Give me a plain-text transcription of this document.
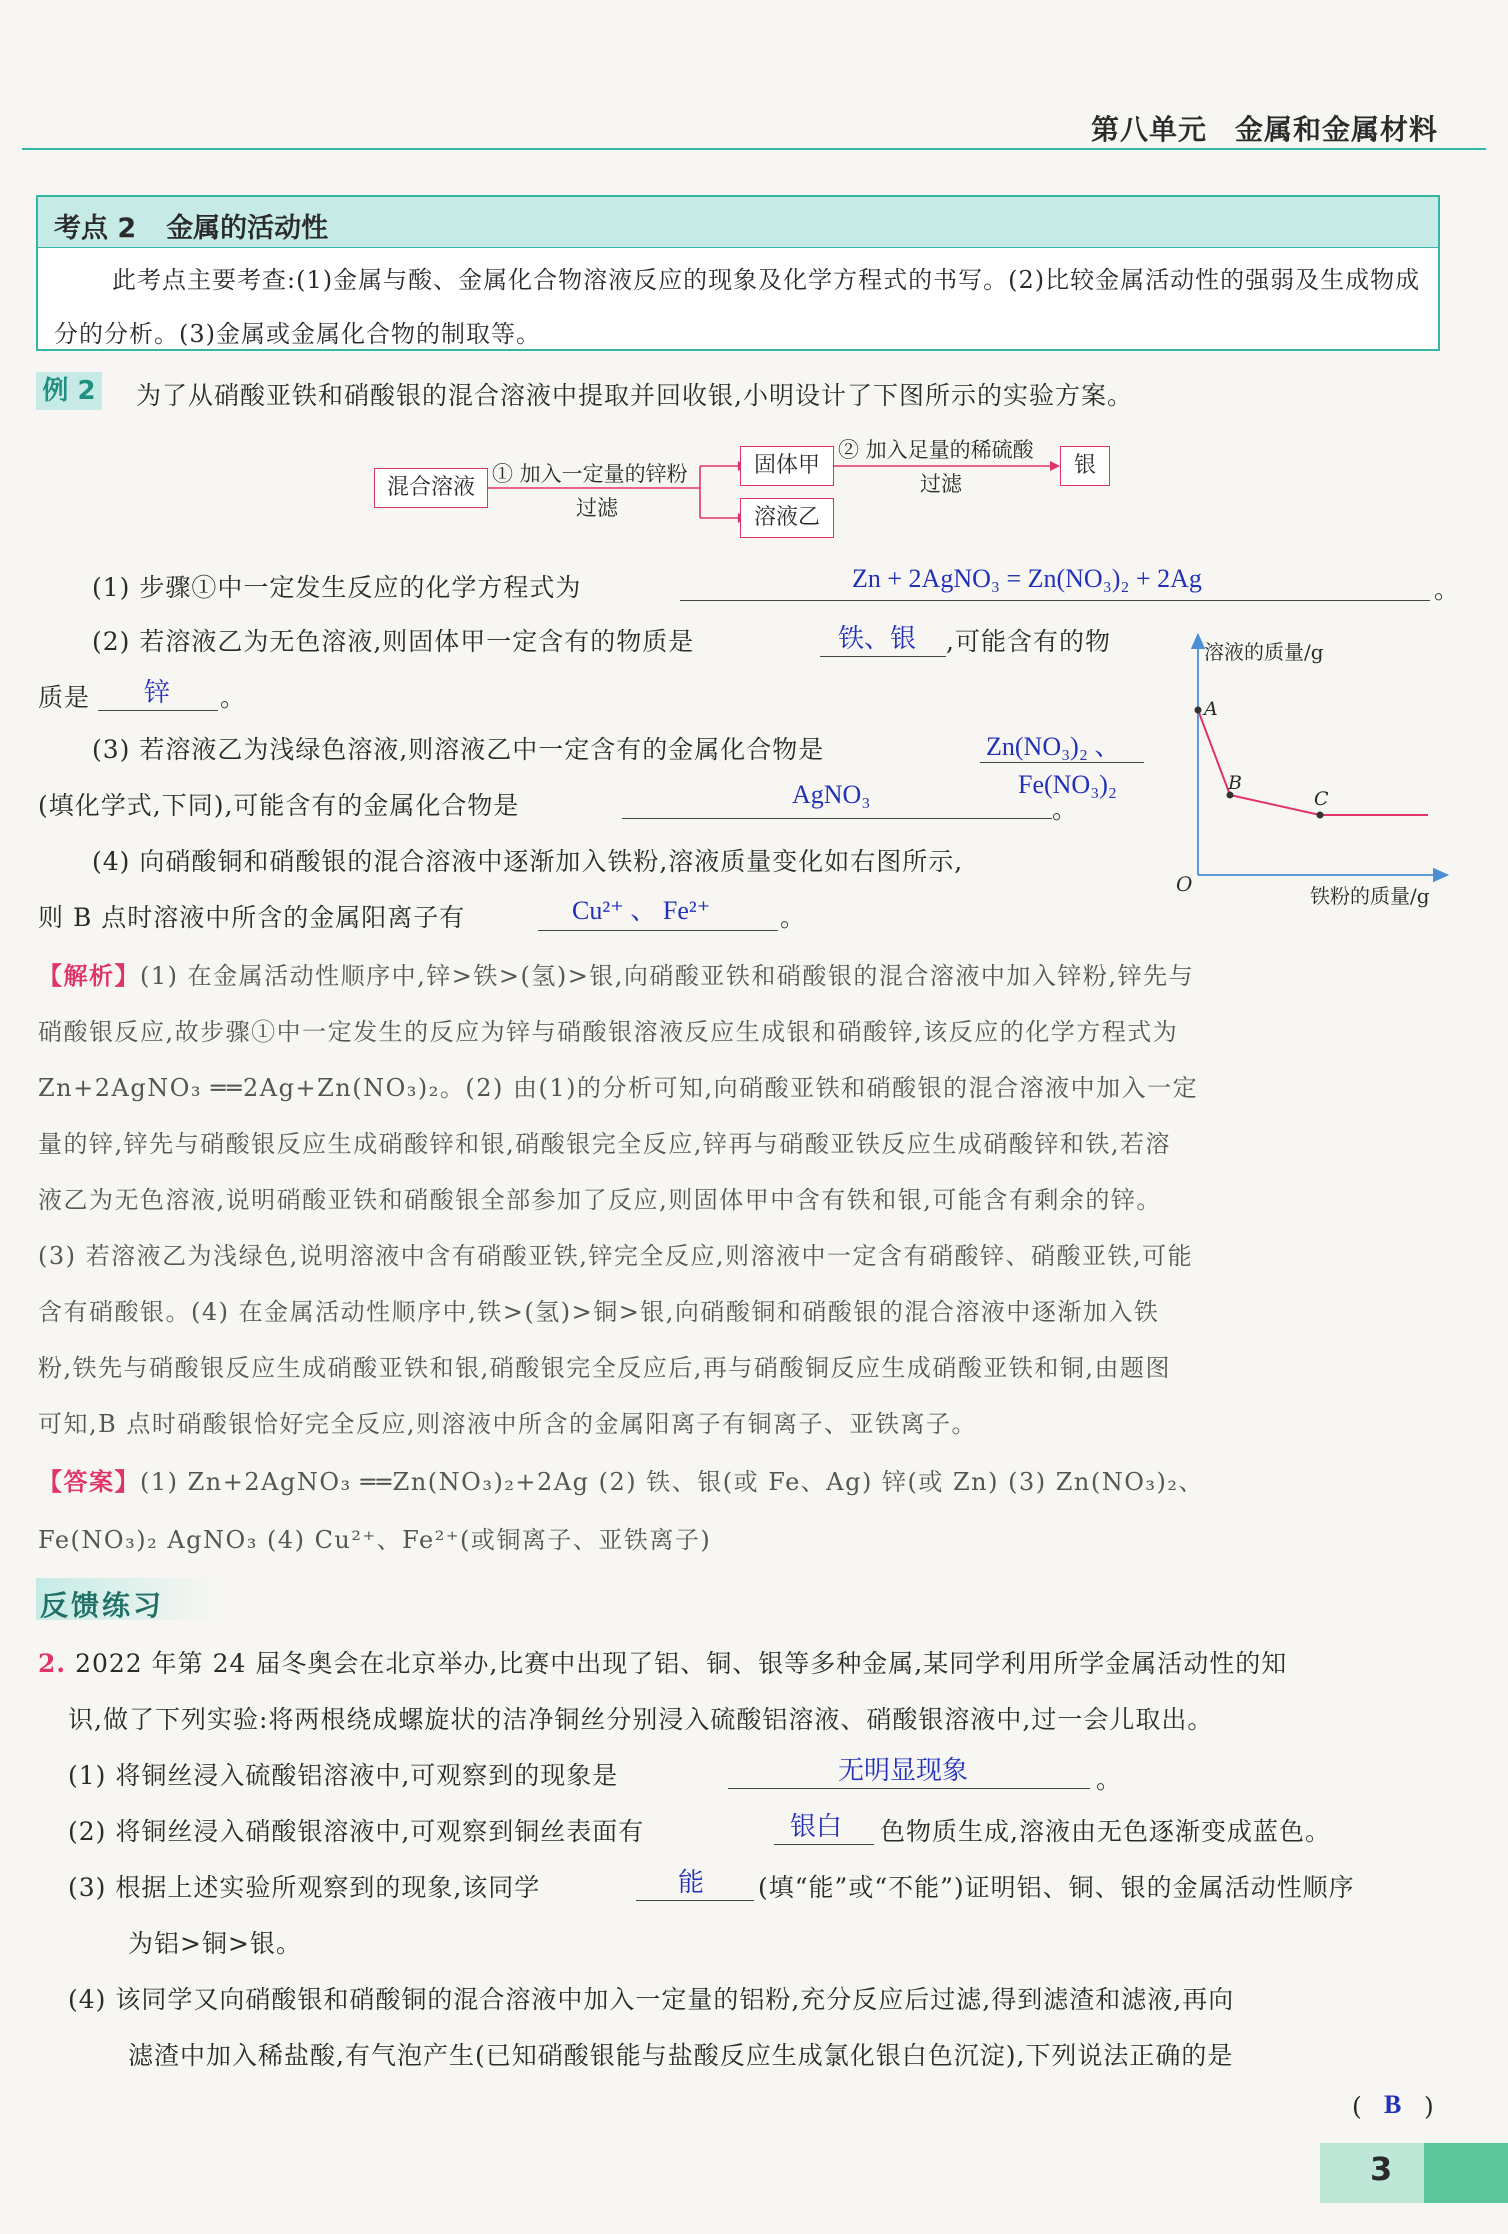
第八单元 金属和金属材料
考点 2 金属的活动性
此考点主要考查:(1)金属与酸、金属化合物溶液反应的现象及化学方程式的书写。(2)比较金属活动性的强弱及生成物成分的分析。(3)金属或金属化合物的制取等。
例 2 为了从硝酸亚铁和硝酸银的混合溶液中提取并回收银,小明设计了下图所示的实验方案。
混合溶液
① 加入一定量的锌粉
过滤
固体甲
溶液乙
② 加入足量的稀硫酸
过滤
银
(1) 步骤①中一定发生反应的化学方程式为	Zn + 2AgNO₃ = Zn(NO₃)₂ + 2Ag	。
(2) 若溶液乙为无色溶液,则固体甲一定含有的物质是	铁、银 ,可能含有的物
质是 锌 。
(3) 若溶液乙为浅绿色溶液,则溶液乙中一定含有的金属化合物是	Zn(NO₃)₂ 、
(填化学式,下同),可能含有的金属化合物是	AgNO₃	Fe(NO₃)₂
。
(4) 向硝酸铜和硝酸银的混合溶液中逐渐加入铁粉,溶液质量变化如右图所示,
则 B 点时溶液中所含的金属阳离子有	Cu²⁺ 、 Fe²⁺	。
溶液的质量/g
铁粉的质量/g
O
A
B
C
【解析】(1) 在金属活动性顺序中,锌>铁>(氢)>银,向硝酸亚铁和硝酸银的混合溶液中加入锌粉,锌先与
硝酸银反应,故步骤①中一定发生的反应为锌与硝酸银溶液反应生成银和硝酸锌,该反应的化学方程式为
Zn+2AgNO₃ ══2Ag+Zn(NO₃)₂。(2) 由(1)的分析可知,向硝酸亚铁和硝酸银的混合溶液中加入一定
量的锌,锌先与硝酸银反应生成硝酸锌和银,硝酸银完全反应,锌再与硝酸亚铁反应生成硝酸锌和铁,若溶
液乙为无色溶液,说明硝酸亚铁和硝酸银全部参加了反应,则固体甲中含有铁和银,可能含有剩余的锌。
(3) 若溶液乙为浅绿色,说明溶液中含有硝酸亚铁,锌完全反应,则溶液中一定含有硝酸锌、硝酸亚铁,可能
含有硝酸银。(4) 在金属活动性顺序中,铁>(氢)>铜>银,向硝酸铜和硝酸银的混合溶液中逐渐加入铁
粉,铁先与硝酸银反应生成硝酸亚铁和银,硝酸银完全反应后,再与硝酸铜反应生成硝酸亚铁和铜,由题图
可知,B 点时硝酸银恰好完全反应,则溶液中所含的金属阳离子有铜离子、亚铁离子。
【答案】(1) Zn+2AgNO₃ ══Zn(NO₃)₂+2Ag (2) 铁、银(或 Fe、Ag) 锌(或 Zn) (3) Zn(NO₃)₂、
Fe(NO₃)₂ AgNO₃ (4) Cu²⁺、Fe²⁺(或铜离子、亚铁离子)
反馈练习
2. 2022 年第 24 届冬奥会在北京举办,比赛中出现了铝、铜、银等多种金属,某同学利用所学金属活动性的知
识,做了下列实验:将两根绕成螺旋状的洁净铜丝分别浸入硫酸铝溶液、硝酸银溶液中,过一会儿取出。
(1) 将铜丝浸入硫酸铝溶液中,可观察到的现象是	无明显现象	。
(2) 将铜丝浸入硝酸银溶液中,可观察到铜丝表面有	银白 色物质生成,溶液由无色逐渐变成蓝色。
(3) 根据上述实验所观察到的现象,该同学	能 (填“能”或“不能”)证明铝、铜、银的金属活动性顺序
为铝>铜>银。
(4) 该同学又向硝酸银和硝酸铜的混合溶液中加入一定量的铝粉,充分反应后过滤,得到滤渣和滤液,再向
滤渣中加入稀盐酸,有气泡产生(已知硝酸银能与盐酸反应生成氯化银白色沉淀),下列说法正确的是
( B )
3
